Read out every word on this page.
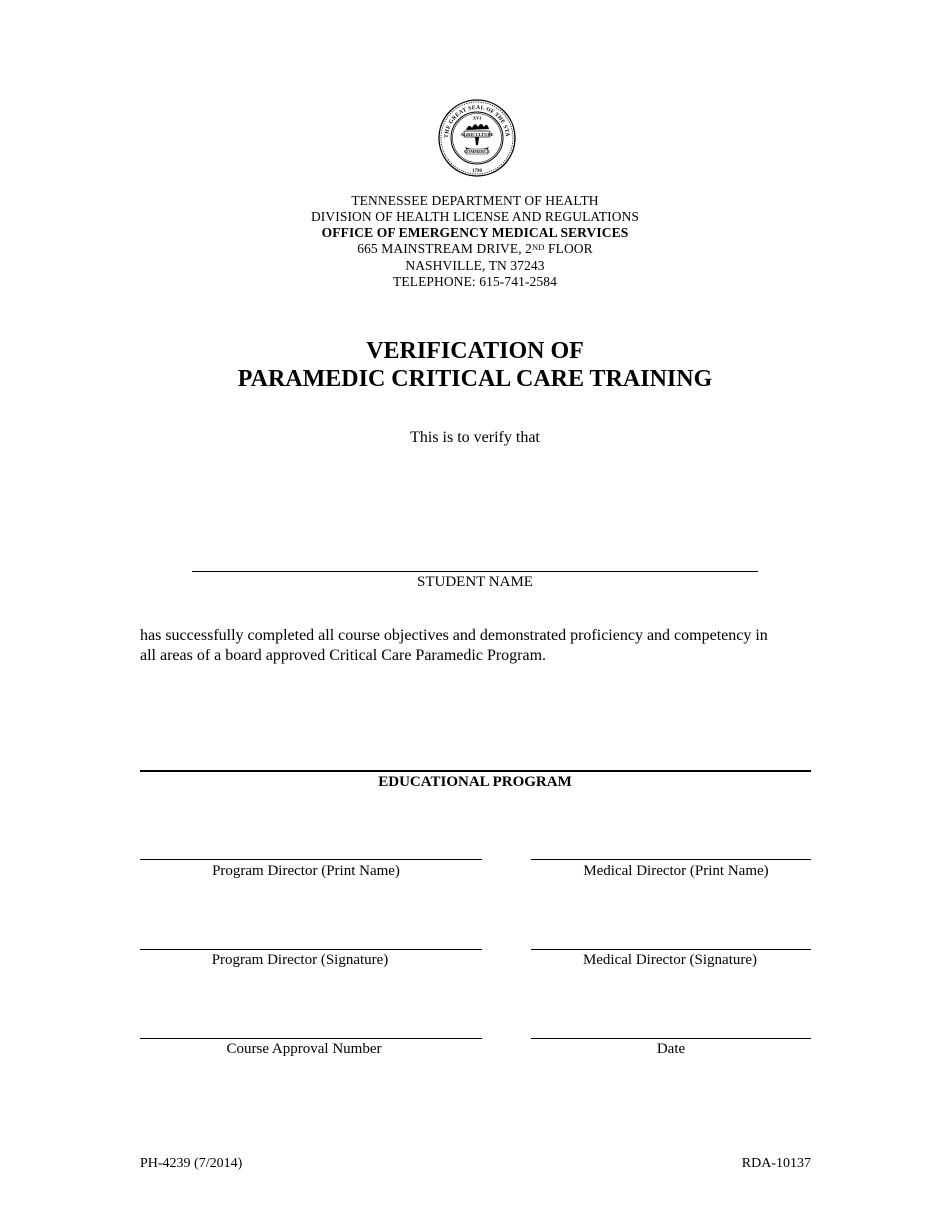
THE GREAT SEAL OF THE STA
XVI
AGRICULTURE
COMMERCE
1796
TENNESSEE DEPARTMENT OF HEALTH
DIVISION OF HEALTH LICENSE AND REGULATIONS
OFFICE OF EMERGENCY MEDICAL SERVICES
665 MAINSTREAM DRIVE, 2ND FLOOR
NASHVILLE, TN 37243
TELEPHONE: 615-741-2584
VERIFICATION OF
PARAMEDIC CRITICAL CARE TRAINING
This is to verify that
STUDENT NAME
has successfully completed all course objectives and demonstrated proficiency and competency in
all areas of a board approved Critical Care Paramedic Program.
EDUCATIONAL PROGRAM
Program Director (Print Name)	Medical Director (Print Name)
Program Director (Signature)	Medical Director (Signature)
Course Approval Number	Date
PH-4239 (7/2014)	RDA-10137
